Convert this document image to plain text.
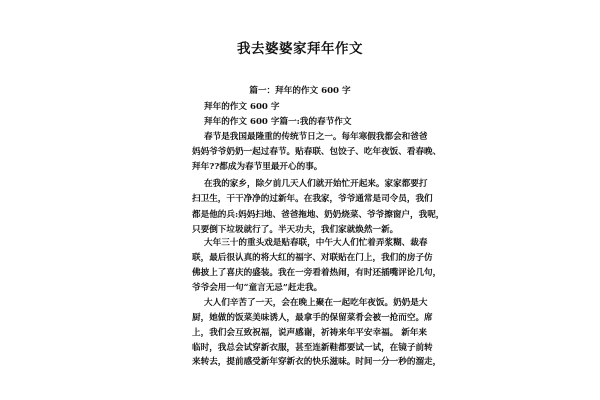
我去婆婆家拜年作文

篇一：拜年的作文 600 字

拜年的作文 600 字

拜年的作文 600 字篇一:我的春节作文

春节是我国最隆重的传统节日之一。每年寒假我都会和爸爸

妈妈爷爷奶奶一起过春节。贴春联、包饺子、吃年夜饭、看春晚、

拜年??都成为春节里最开心的事。

在我的家乡，除夕前几天人们就开始忙开起来。家家都要打

扫卫生，干干净净的过新年。在我家，爷爷通常是司令员，我们

都是他的兵:妈妈扫地、爸爸拖地、奶奶烧菜、爷爷擦窗户，我呢，

只要倒下垃圾就行了。半天功夫，我们家就焕然一新。

大年三十的重头戏是贴春联，中午大人们忙着弄浆糊、裁春

联，最后很认真的将大红的福字、对联贴在门上，我们的房子仿

佛披上了喜庆的盛装。我在一旁看着热闹，有时还插嘴评论几句，

爷爷会用一句“童言无忌”赶走我。

大人们辛苦了一天，会在晚上聚在一起吃年夜饭。奶奶是大

厨，她做的饭菜美味诱人，最拿手的保留菜肴会被一抢而空。席

上，我们会互致祝福，说声感谢，祈祷来年平安幸福。 新年来

临时，我总会试穿新衣服，甚至连新鞋都要试一试，在镜子前转

来转去，提前感受新年穿新衣的快乐滋味。时间一分一秒的溜走，
